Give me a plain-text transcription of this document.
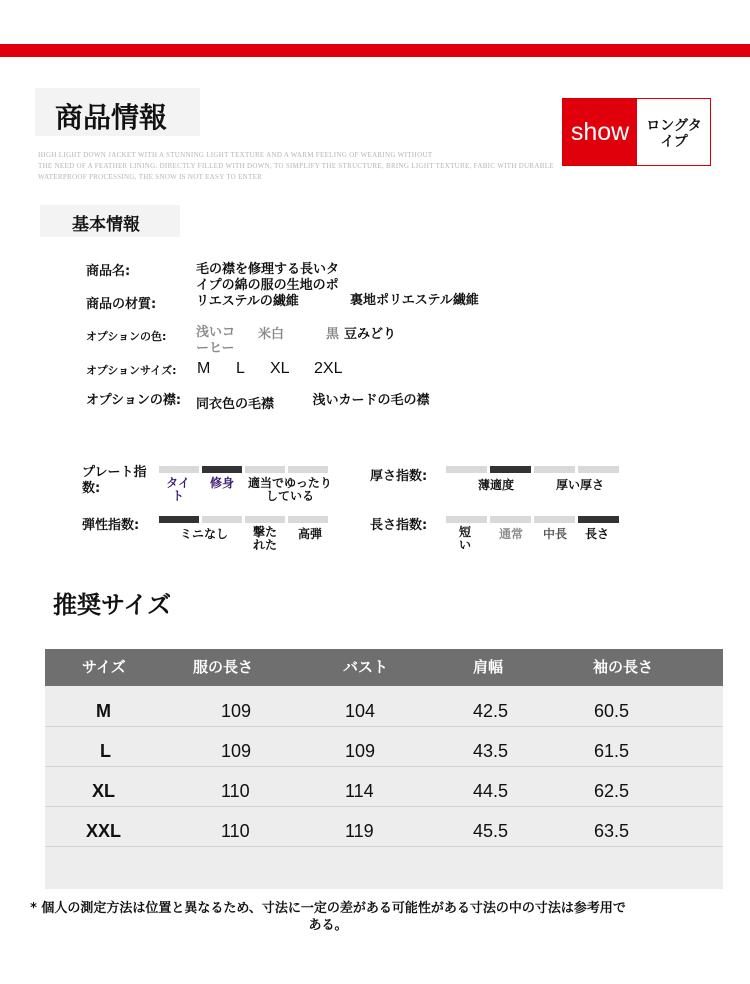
商品情報
HIGH LIGHT DOWN JACKET WITH A STUNNING LIGHT TEXTURE AND A WARM FEELING OF WEARING WITHOUT
THE NEED OF A FEATHER LINING. DIRECTLY FILLED WITH DOWN, TO SIMPLIFY THE STRUCTURE, BRING LIGHT TEXTURE, FABIC WITH DURABLE
WATERPROOF PROCESSING, THE SNOW IS NOT EASY TO ENTER
show	ロングタイプ
基本情報
商品名:	毛の襟を修理する長いタイプの綿の服の生地のポリエステルの繊維
商品の材質:	裏地ポリエステル繊維
オプションの色: 浅いコーヒー
米白	黒 豆みどり
オプションサイズ: M L XL 2XL
オプションの襟:	同衣色の毛襟	浅いカードの毛の襟
プレート指数:	タイト
修身	適当でゆったりしている
厚さ指数:
薄適度	厚い厚さ
弾性指数:
ミニなし	撃たれた
高弾
長さ指数:	短い
通常	中長	長さ
推奨サイズ
サイズ	服の長さ	バスト	肩幅	袖の長さ
M	109	104	42.5	60.5
L	109	109	43.5	61.5
XL	110	114	44.5	62.5
XXL	110	119	45.5	63.5
* 個人の測定方法は位置と異なるため、寸法に一定の差がある可能性がある寸法の中の寸法は参考用である。
